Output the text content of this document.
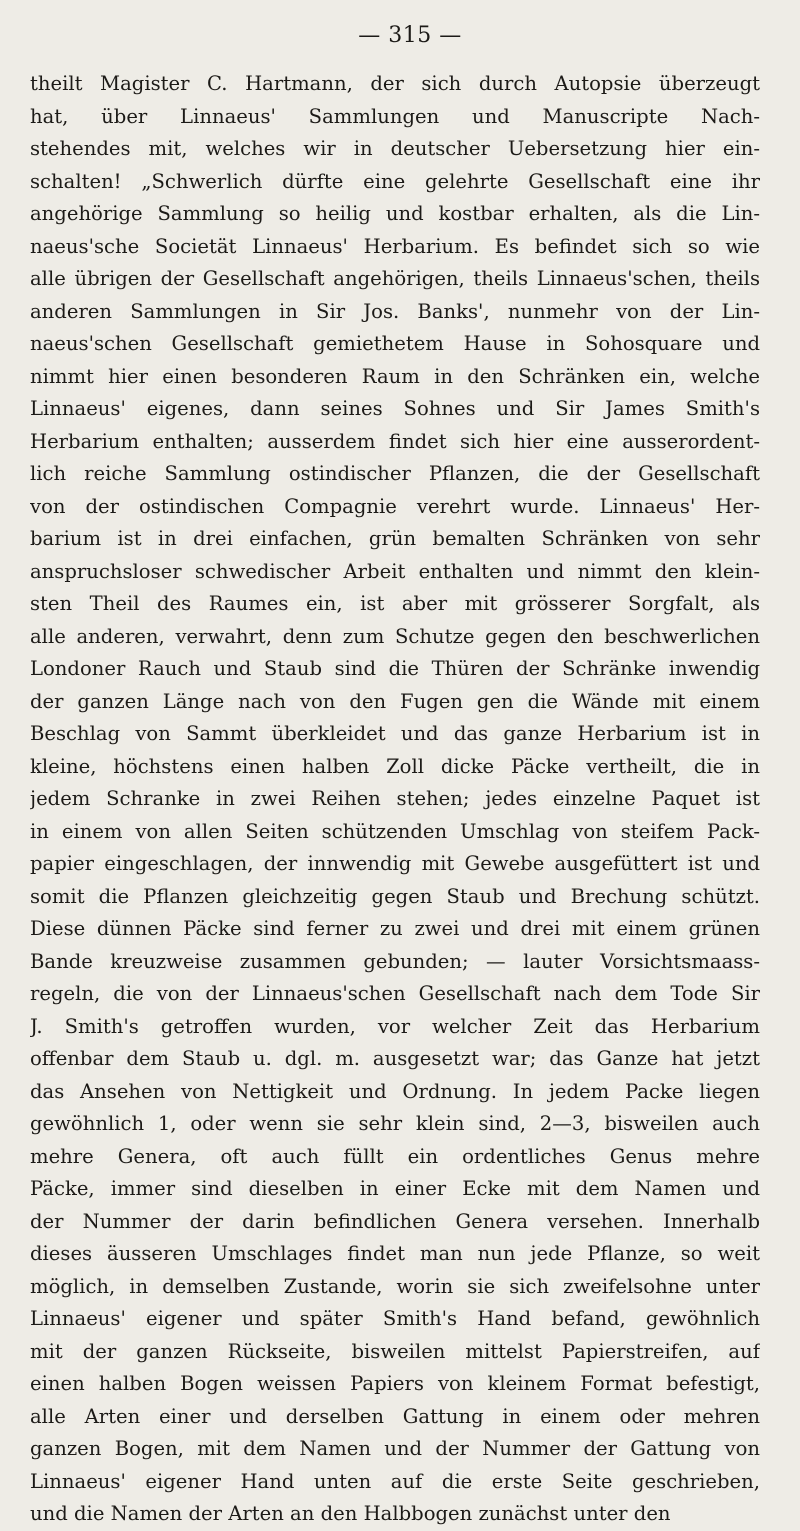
— 315 —
theilt Magister C. Hartmann, der sich durch Autopsie überzeugt
hat, über Linnaeus' Sammlungen und Manuscripte Nach-
stehendes mit, welches wir in deutscher Uebersetzung hier ein-
schalten! „Schwerlich dürfte eine gelehrte Gesellschaft eine ihr
angehörige Sammlung so heilig und kostbar erhalten, als die Lin-
naeus'sche Societät Linnaeus' Herbarium. Es befindet sich so wie
alle übrigen der Gesellschaft angehörigen, theils Linnaeus'schen, theils
anderen Sammlungen in Sir Jos. Banks', nunmehr von der Lin-
naeus'schen Gesellschaft gemiethetem Hause in Sohosquare und
nimmt hier einen besonderen Raum in den Schränken ein, welche
Linnaeus' eigenes, dann seines Sohnes und Sir James Smith's
Herbarium enthalten; ausserdem findet sich hier eine ausserordent-
lich reiche Sammlung ostindischer Pflanzen, die der Gesellschaft
von der ostindischen Compagnie verehrt wurde. Linnaeus' Her-
barium ist in drei einfachen, grün bemalten Schränken von sehr
anspruchsloser schwedischer Arbeit enthalten und nimmt den klein-
sten Theil des Raumes ein, ist aber mit grösserer Sorgfalt, als
alle anderen, verwahrt, denn zum Schutze gegen den beschwerlichen
Londoner Rauch und Staub sind die Thüren der Schränke inwendig
der ganzen Länge nach von den Fugen gen die Wände mit einem
Beschlag von Sammt überkleidet und das ganze Herbarium ist in
kleine, höchstens einen halben Zoll dicke Päcke vertheilt, die in
jedem Schranke in zwei Reihen stehen; jedes einzelne Paquet ist
in einem von allen Seiten schützenden Umschlag von steifem Pack-
papier eingeschlagen, der innwendig mit Gewebe ausgefüttert ist und
somit die Pflanzen gleichzeitig gegen Staub und Brechung schützt.
Diese dünnen Päcke sind ferner zu zwei und drei mit einem grünen
Bande kreuzweise zusammen gebunden; — lauter Vorsichtsmaass-
regeln, die von der Linnaeus'schen Gesellschaft nach dem Tode Sir
J. Smith's getroffen wurden, vor welcher Zeit das Herbarium
offenbar dem Staub u. dgl. m. ausgesetzt war; das Ganze hat jetzt
das Ansehen von Nettigkeit und Ordnung. In jedem Packe liegen
gewöhnlich 1, oder wenn sie sehr klein sind, 2—3, bisweilen auch
mehre Genera, oft auch füllt ein ordentliches Genus mehre
Päcke, immer sind dieselben in einer Ecke mit dem Namen und
der Nummer der darin befindlichen Genera versehen. Innerhalb
dieses äusseren Umschlages findet man nun jede Pflanze, so weit
möglich, in demselben Zustande, worin sie sich zweifelsohne unter
Linnaeus' eigener und später Smith's Hand befand, gewöhnlich
mit der ganzen Rückseite, bisweilen mittelst Papierstreifen, auf
einen halben Bogen weissen Papiers von kleinem Format befestigt,
alle Arten einer und derselben Gattung in einem oder mehren
ganzen Bogen, mit dem Namen und der Nummer der Gattung von
Linnaeus' eigener Hand unten auf die erste Seite geschrieben,
und die Namen der Arten an den Halbbogen zunächst unter den
